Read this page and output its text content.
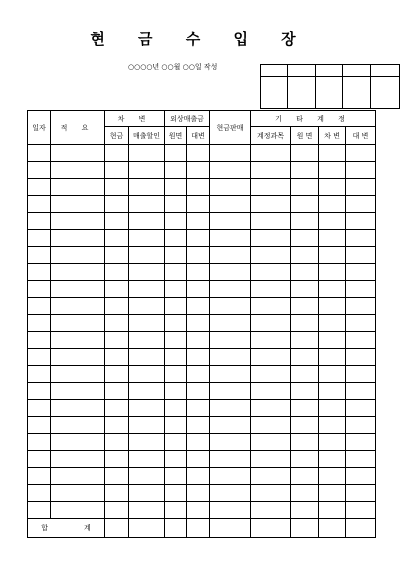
현 금 수 입 장
○○○○년 ○○월 ○○일 작성

일자	적 요	차 변		외상매출금		현금판매	기 타 계 정			
		현금	매출할인	원면	대변		계정과목	원 면	차 변	대 변

합 계										
